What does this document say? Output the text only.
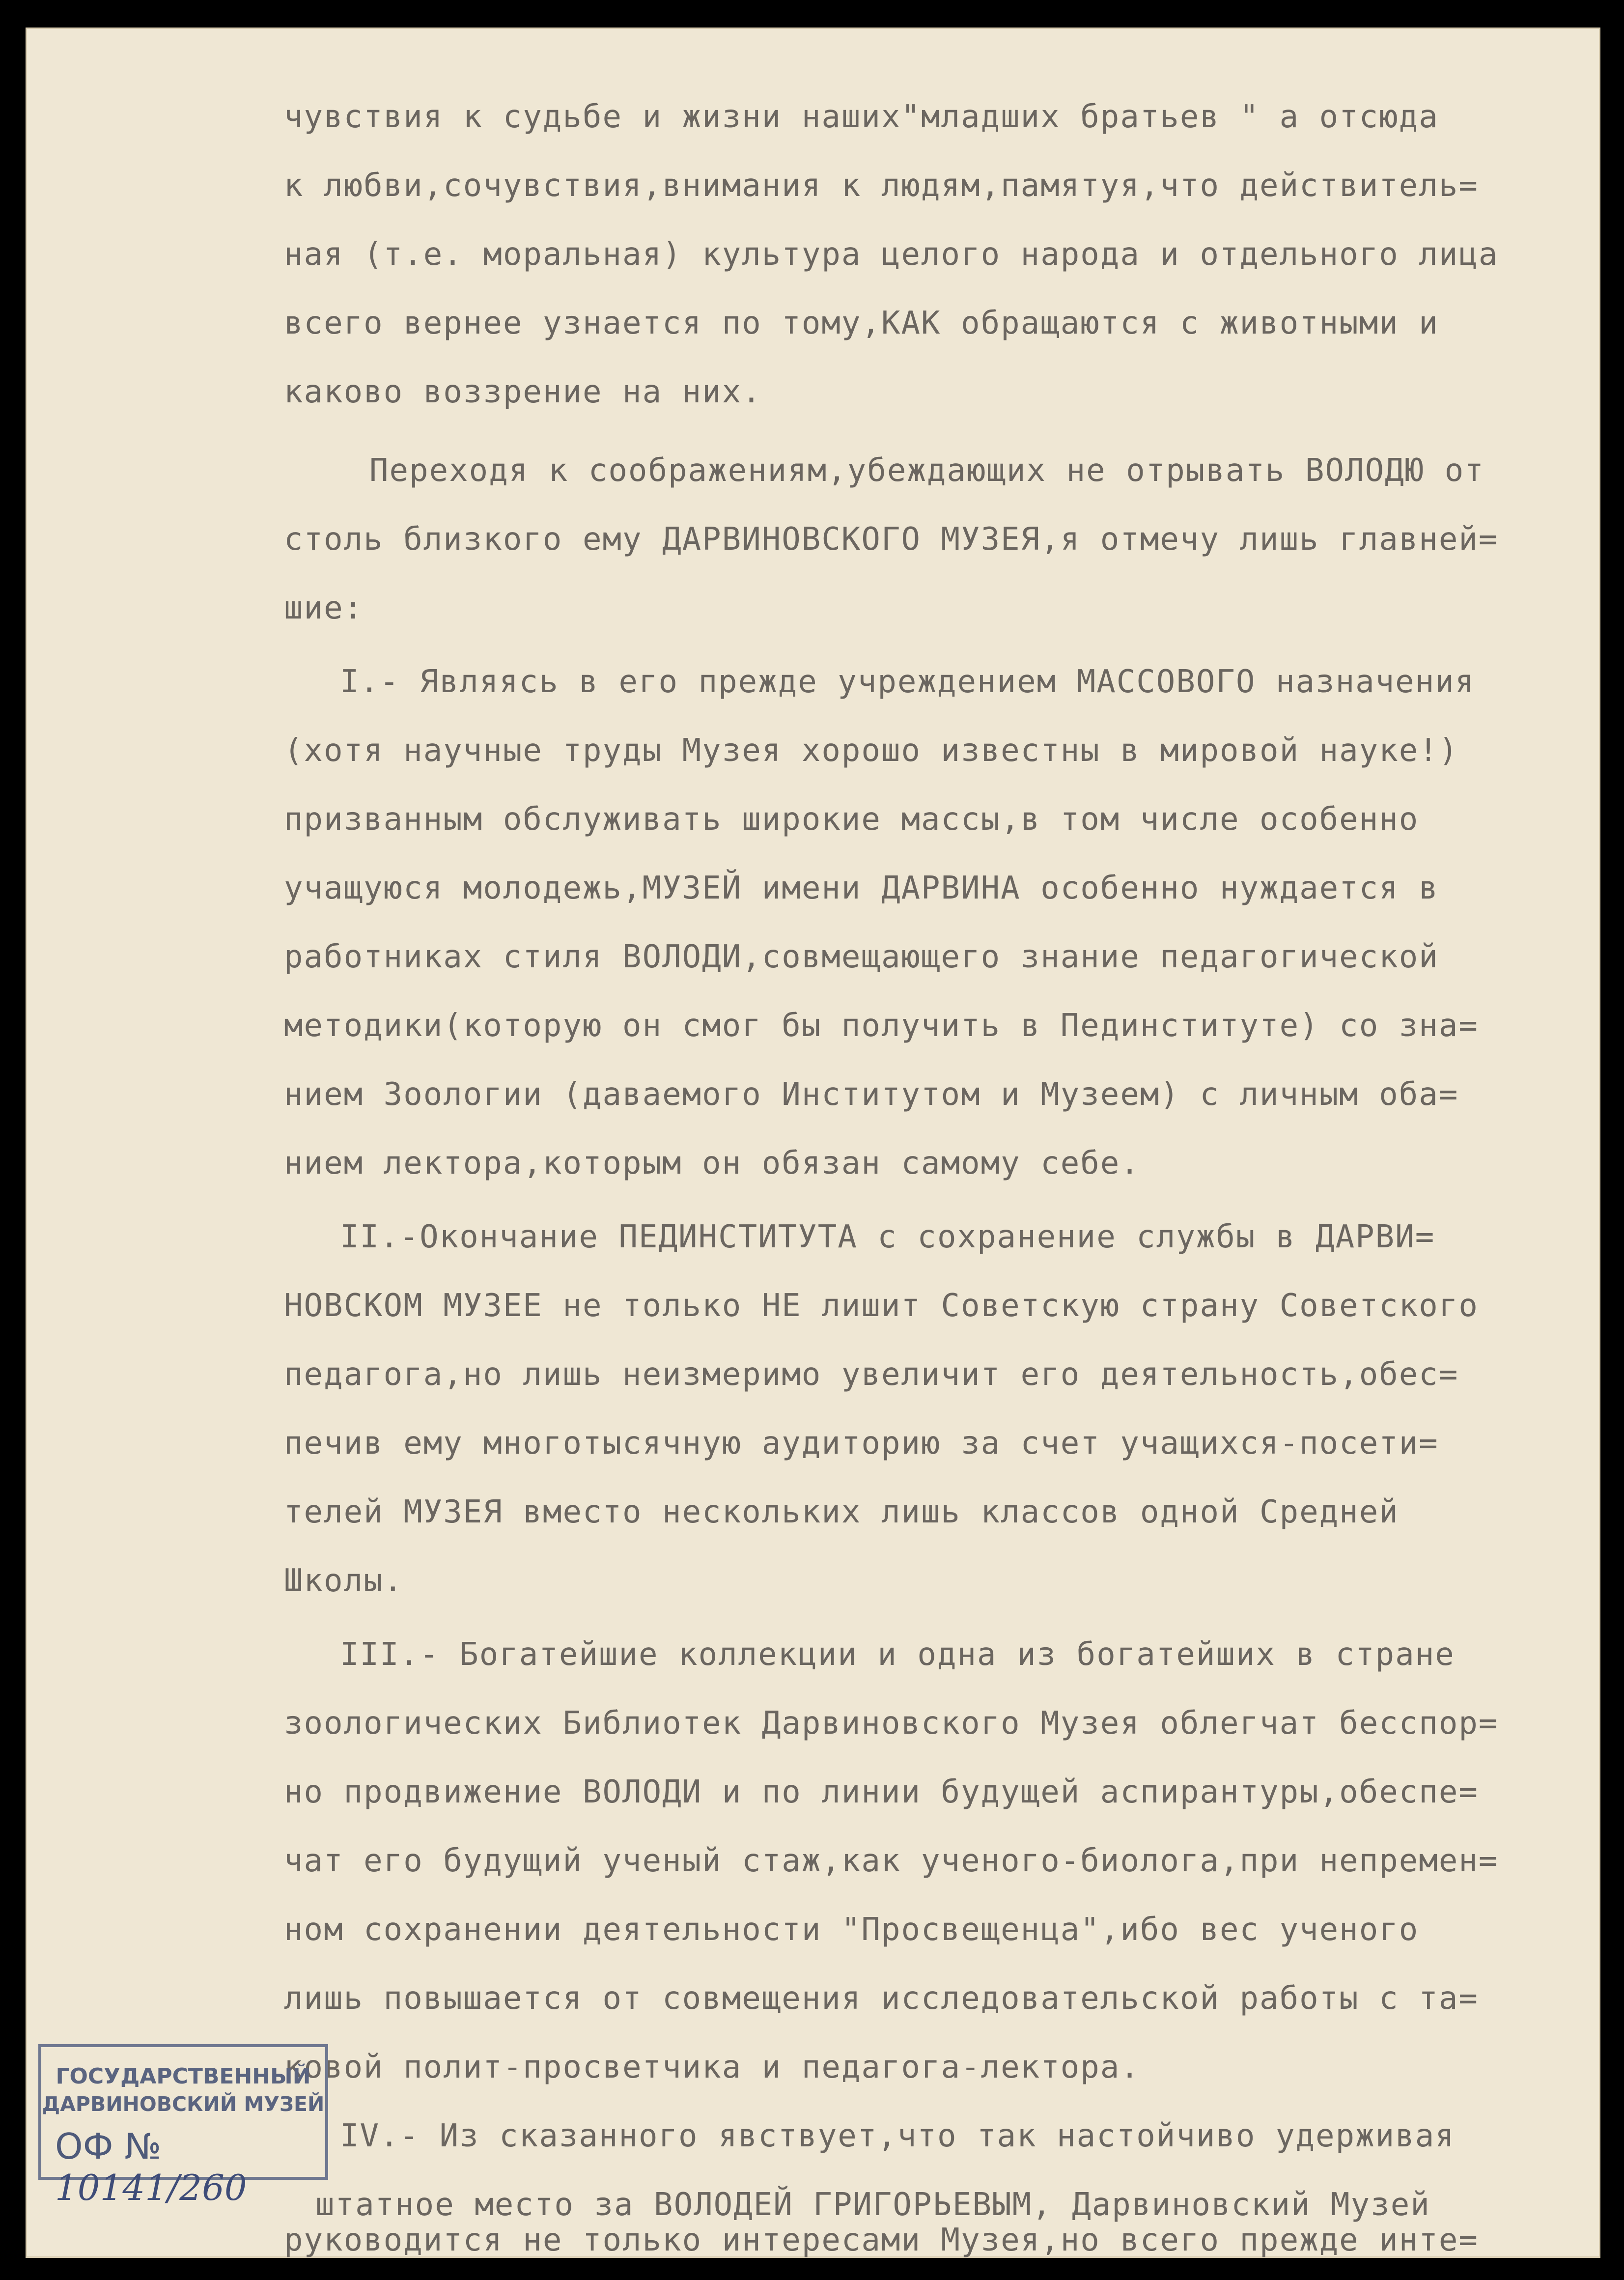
чувствия к судьбе и жизни наших"младших братьев " а отсюда
к любви,сочувствия,внимания к людям,памятуя,что действитель=
ная (т.е. моральная) культура целого народа и отдельного лица
всего вернее узнается по тому,КАК обращаются с животными и
каково воззрение на них.
Переходя к соображениям,убеждающих не отрывать ВОЛОДЮ от
столь близкого ему ДАРВИНОВСКОГО МУЗЕЯ,я отмечу лишь главней=
шие:
I.- Являясь в его прежде учреждением МАССОВОГО назначения
(хотя научные труды Музея хорошо известны в мировой науке!)
призванным обслуживать широкие массы,в том числе особенно
учащуюся молодежь,МУЗЕЙ имени ДАРВИНА особенно нуждается в
работниках стиля ВОЛОДИ,совмещающего знание педагогической
методики(которую он смог бы получить в Пединституте) со зна=
нием Зоологии (даваемого Институтом и Музеем) с личным оба=
нием лектора,которым он обязан самому себе.
II.-Окончание ПЕДИНСТИТУТА с сохранение службы в ДАРВИ=
НОВСКОМ МУЗЕЕ не только НЕ лишит Советскую страну Советского
педагога,но лишь неизмеримо увеличит его деятельность,обес=
печив ему многотысячную аудиторию за счет учащихся-посети=
телей МУЗЕЯ вместо нескольких лишь классов одной Средней
Школы.
III.- Богатейшие коллекции и одна из богатейших в стране
зоологических Библиотек Дарвиновского Музея облегчат бесспор=
но продвижение ВОЛОДИ и по линии будущей аспирантуры,обеспе=
чат его будущий ученый стаж,как ученого-биолога,при непремен=
ном сохранении деятельности "Просвещенца",ибо вес ученого
лишь повышается от совмещения исследовательской работы с та=
ковой полит-просветчика и педагога-лектора.
IV.- Из сказанного явствует,что так настойчиво удерживая
штатное место за ВОЛОДЕЙ ГРИГОРЬЕВЫМ, Дарвиновский Музей
руководится не только интересами Музея,но всего прежде инте=
ГОСУДАРСТВЕННЫЙ
ДАРВИНОВСКИЙ МУЗЕЙ
ОФ № 10141/260
